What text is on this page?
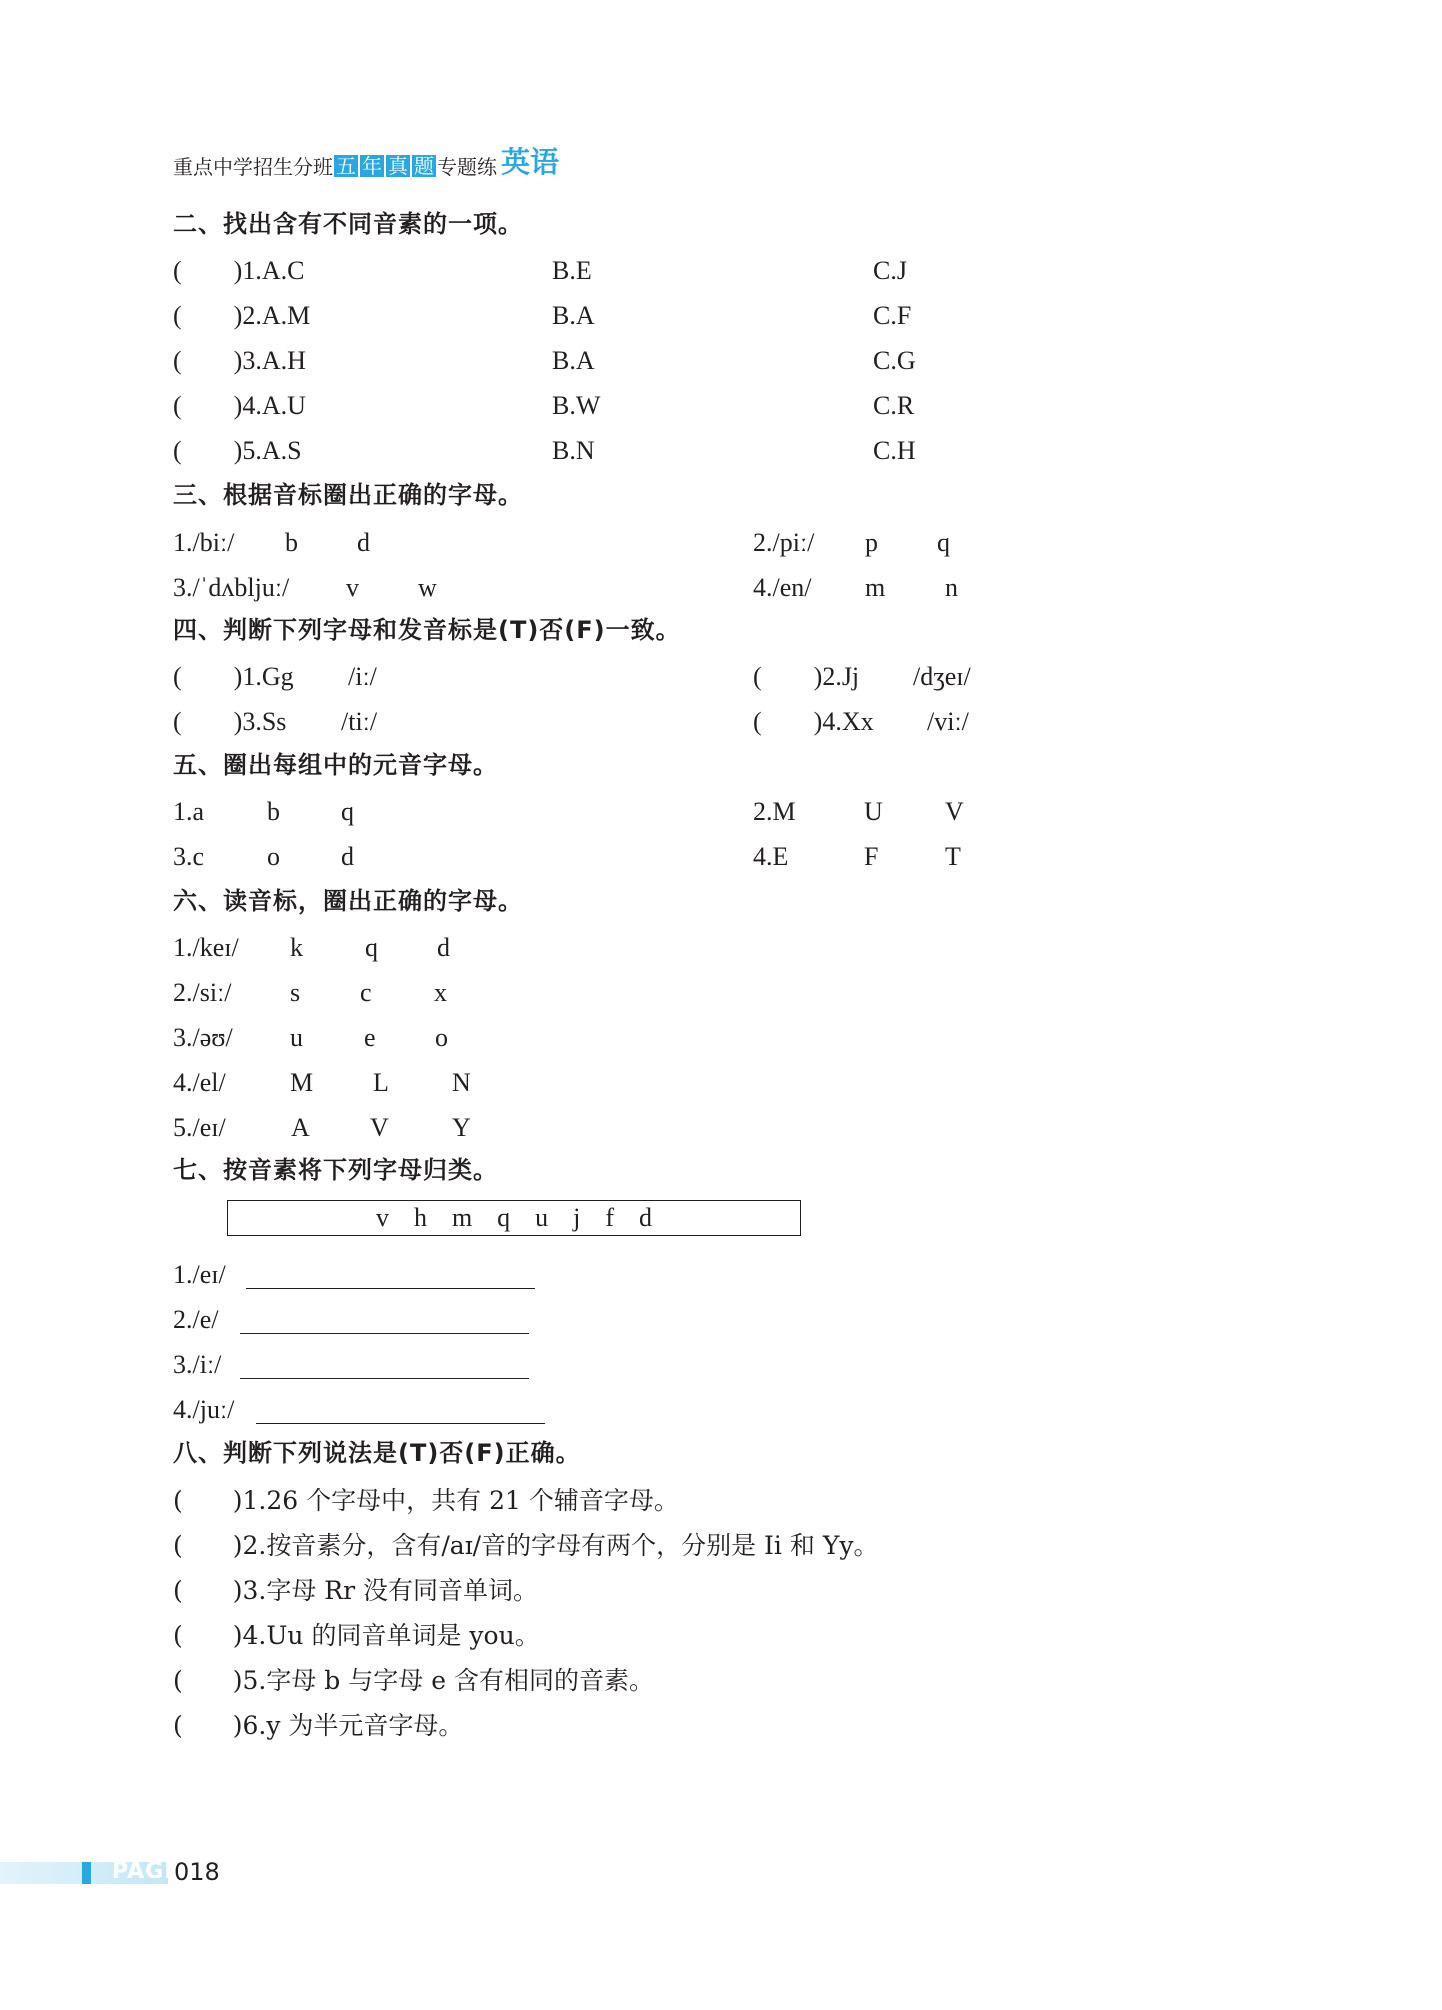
重点中学招生分班 五 年 真 题 专题练 英语
二、找出含有不同音素的一项。
(　　)1.A.C	B.E	C.J
(　　)2.A.M	B.A	C.F
(　　)3.A.H	B.A	C.G
(　　)4.A.U	B.W	C.R
(　　)5.A.S	B.N	C.H
三、根据音标圈出正确的字母。
1./biː/ b d	2./piː/ p q
3./ˈdʌbljuː/ v w	4./en/ m n
四、判断下列字母和发音标是(T)否(F)一致。
(　　)1.Gg /iː/	(　　)2.Jj /dʒeɪ/
(　　)3.Ss /tiː/	(　　)4.Xx /viː/
五、圈出每组中的元音字母。
1.a b q	2.M	U V
3.c o d	4.E	F	T
六、读音标，圈出正确的字母。
1./keɪ/ k q d
2./siː/ s c x
3./əʊ/ u e o
4./el/ M L N
5./eɪ/	A V Y
七、按音素将下列字母归类。
v  h  m  q  u  j  f  d
1./eɪ/
2./e/
3./iː/
4./juː/
八、判断下列说法是(T)否(F)正确。
(　　)1.26 个字母中，共有 21 个辅音字母。
(　　)2.按音素分，含有/aɪ/音的字母有两个，分别是 Ii 和 Yy。
(　　)3.字母 Rr 没有同音单词。
(　　)4.Uu 的同音单词是 you。
(　　)5.字母 b 与字母 e 含有相同的音素。
(　　)6.y 为半元音字母。
PAGE
018
